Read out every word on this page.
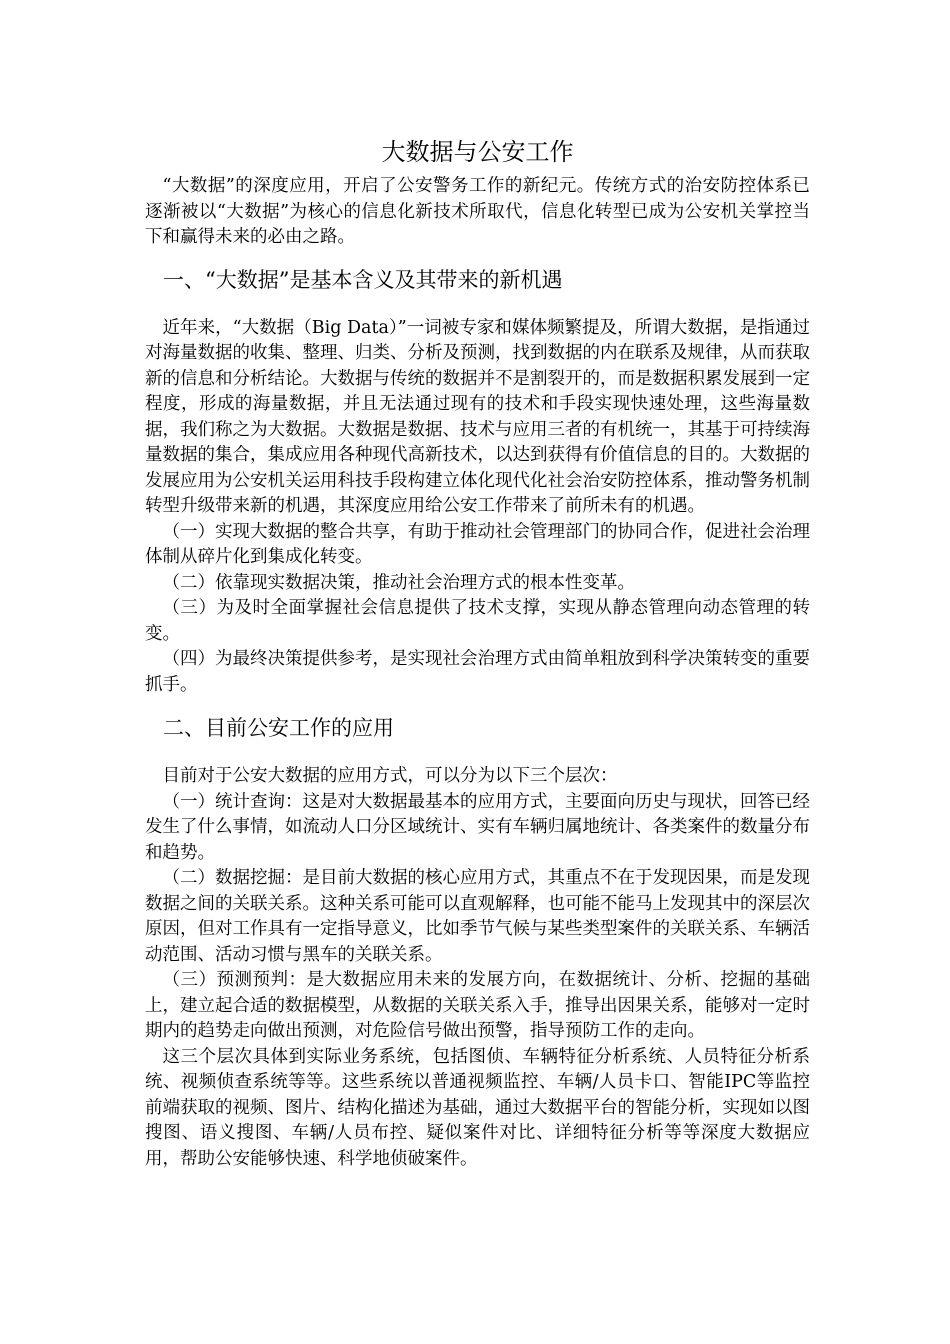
大数据与公安工作

“大数据”的深度应用，开启了公安警务工作的新纪元。传统方式的治安防控体系已逐渐被以“大数据”为核心的信息化新技术所取代，信息化转型已成为公安机关掌控当下和赢得未来的必由之路。

一、“大数据”是基本含义及其带来的新机遇

近年来，“大数据（Big Data）”一词被专家和媒体频繁提及，所谓大数据，是指通过对海量数据的收集、整理、归类、分析及预测，找到数据的内在联系及规律，从而获取新的信息和分析结论。大数据与传统的数据并不是割裂开的，而是数据积累发展到一定程度，形成的海量数据，并且无法通过现有的技术和手段实现快速处理，这些海量数据，我们称之为大数据。大数据是数据、技术与应用三者的有机统一，其基于可持续海量数据的集合，集成应用各种现代高新技术，以达到获得有价值信息的目的。大数据的发展应用为公安机关运用科技手段构建立体化现代化社会治安防控体系，推动警务机制转型升级带来新的机遇，其深度应用给公安工作带来了前所未有的机遇。

（一）实现大数据的整合共享，有助于推动社会管理部门的协同合作，促进社会治理体制从碎片化到集成化转变。

（二）依靠现实数据决策，推动社会治理方式的根本性变革。

（三）为及时全面掌握社会信息提供了技术支撑，实现从静态管理向动态管理的转变。

（四）为最终决策提供参考，是实现社会治理方式由简单粗放到科学决策转变的重要抓手。

二、目前公安工作的应用

目前对于公安大数据的应用方式，可以分为以下三个层次：

（一）统计查询：这是对大数据最基本的应用方式，主要面向历史与现状，回答已经发生了什么事情，如流动人口分区域统计、实有车辆归属地统计、各类案件的数量分布和趋势。

（二）数据挖掘：是目前大数据的核心应用方式，其重点不在于发现因果，而是发现数据之间的关联关系。这种关系可能可以直观解释，也可能不能马上发现其中的深层次原因，但对工作具有一定指导意义，比如季节气候与某些类型案件的关联关系、车辆活动范围、活动习惯与黑车的关联关系。

（三）预测预判：是大数据应用未来的发展方向，在数据统计、分析、挖掘的基础上，建立起合适的数据模型，从数据的关联关系入手，推导出因果关系，能够对一定时期内的趋势走向做出预测，对危险信号做出预警，指导预防工作的走向。

这三个层次具体到实际业务系统，包括图侦、车辆特征分析系统、人员特征分析系统、视频侦查系统等等。这些系统以普通视频监控、车辆/人员卡口、智能IPC等监控前端获取的视频、图片、结构化描述为基础，通过大数据平台的智能分析，实现如以图搜图、语义搜图、车辆/人员布控、疑似案件对比、详细特征分析等等深度大数据应用，帮助公安能够快速、科学地侦破案件。
